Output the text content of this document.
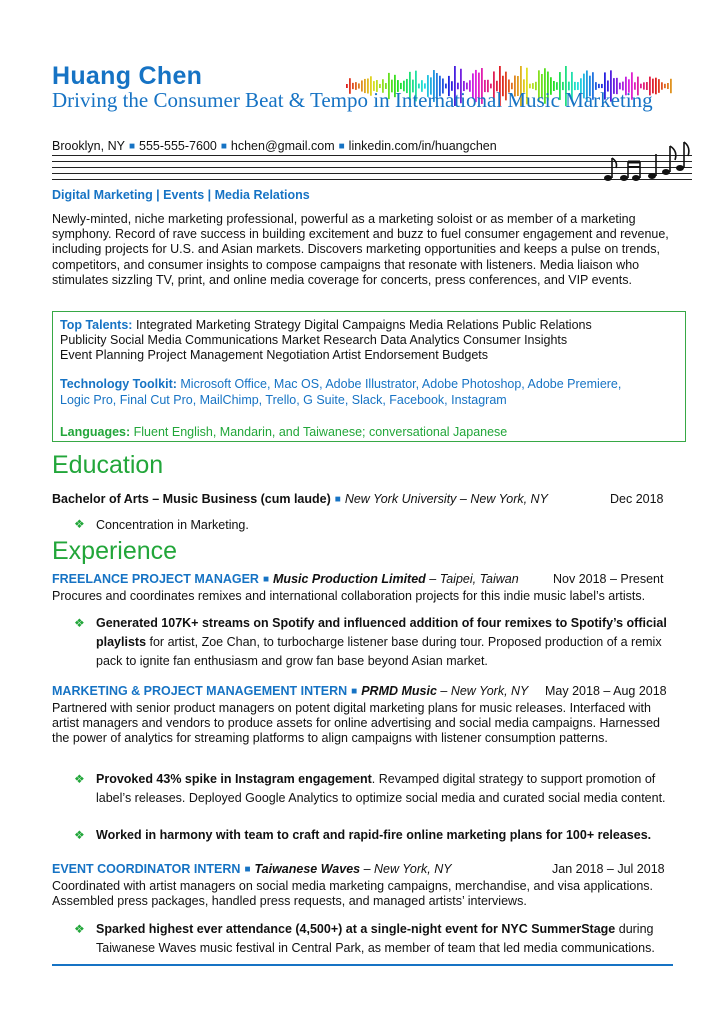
Huang Chen
Driving the Consumer Beat & Tempo in International Music Marketing
Brooklyn, NY ■ 555-555-7600 ■ hchen@gmail.com ■ linkedin.com/in/huangchen
Digital Marketing | Events | Media Relations
Newly-minted, niche marketing professional, powerful as a marketing soloist or as member of a marketing symphony. Record of rave success in building excitement and buzz to fuel consumer engagement and revenue, including projects for U.S. and Asian markets. Discovers marketing opportunities and keeps a pulse on trends, competitors, and consumer insights to compose campaigns that resonate with listeners. Media liaison who stimulates sizzling TV, print, and online media coverage for concerts, press conferences, and VIP events.
Top Talents: Integrated Marketing Strategy Digital Campaigns Media Relations Public Relations
Publicity Social Media Communications Market Research Data Analytics Consumer Insights
Event Planning Project Management Negotiation Artist Endorsement Budgets
Technology Toolkit: Microsoft Office, Mac OS, Adobe Illustrator, Adobe Photoshop, Adobe Premiere,
Logic Pro, Final Cut Pro, MailChimp, Trello, G Suite, Slack, Facebook, Instagram
Languages: Fluent English, Mandarin, and Taiwanese; conversational Japanese
Education
Bachelor of Arts – Music Business (cum laude) ■ New York University – New York, NY	Dec 2018
❖ Concentration in Marketing.
Experience
FREELANCE PROJECT MANAGER ■ Music Production Limited – Taipei, Taiwan	Nov 2018 – Present
Procures and coordinates remixes and international collaboration projects for this indie music label’s artists.
❖ Generated 107K+ streams on Spotify and influenced addition of four remixes to Spotify’s official playlists for artist, Zoe Chan, to turbocharge listener base during tour. Proposed production of a remix pack to ignite fan enthusiasm and grow fan base beyond Asian market.
MARKETING & PROJECT MANAGEMENT INTERN ■ PRMD Music – New York, NY May 2018 – Aug 2018
Partnered with senior product managers on potent digital marketing plans for music releases. Interfaced with artist managers and vendors to produce assets for online advertising and social media campaigns. Harnessed the power of analytics for streaming platforms to align campaigns with listener consumption patterns.
❖ Provoked 43% spike in Instagram engagement. Revamped digital strategy to support promotion of label’s releases. Deployed Google Analytics to optimize social media and curated social media content.
❖ Worked in harmony with team to craft and rapid-fire online marketing plans for 100+ releases.
EVENT COORDINATOR INTERN ■ Taiwanese Waves – New York, NY	Jan 2018 – Jul 2018
Coordinated with artist managers on social media marketing campaigns, merchandise, and visa applications. Assembled press packages, handled press requests, and managed artists’ interviews.
❖ Sparked highest ever attendance (4,500+) at a single-night event for NYC SummerStage during Taiwanese Waves music festival in Central Park, as member of team that led media communications.
